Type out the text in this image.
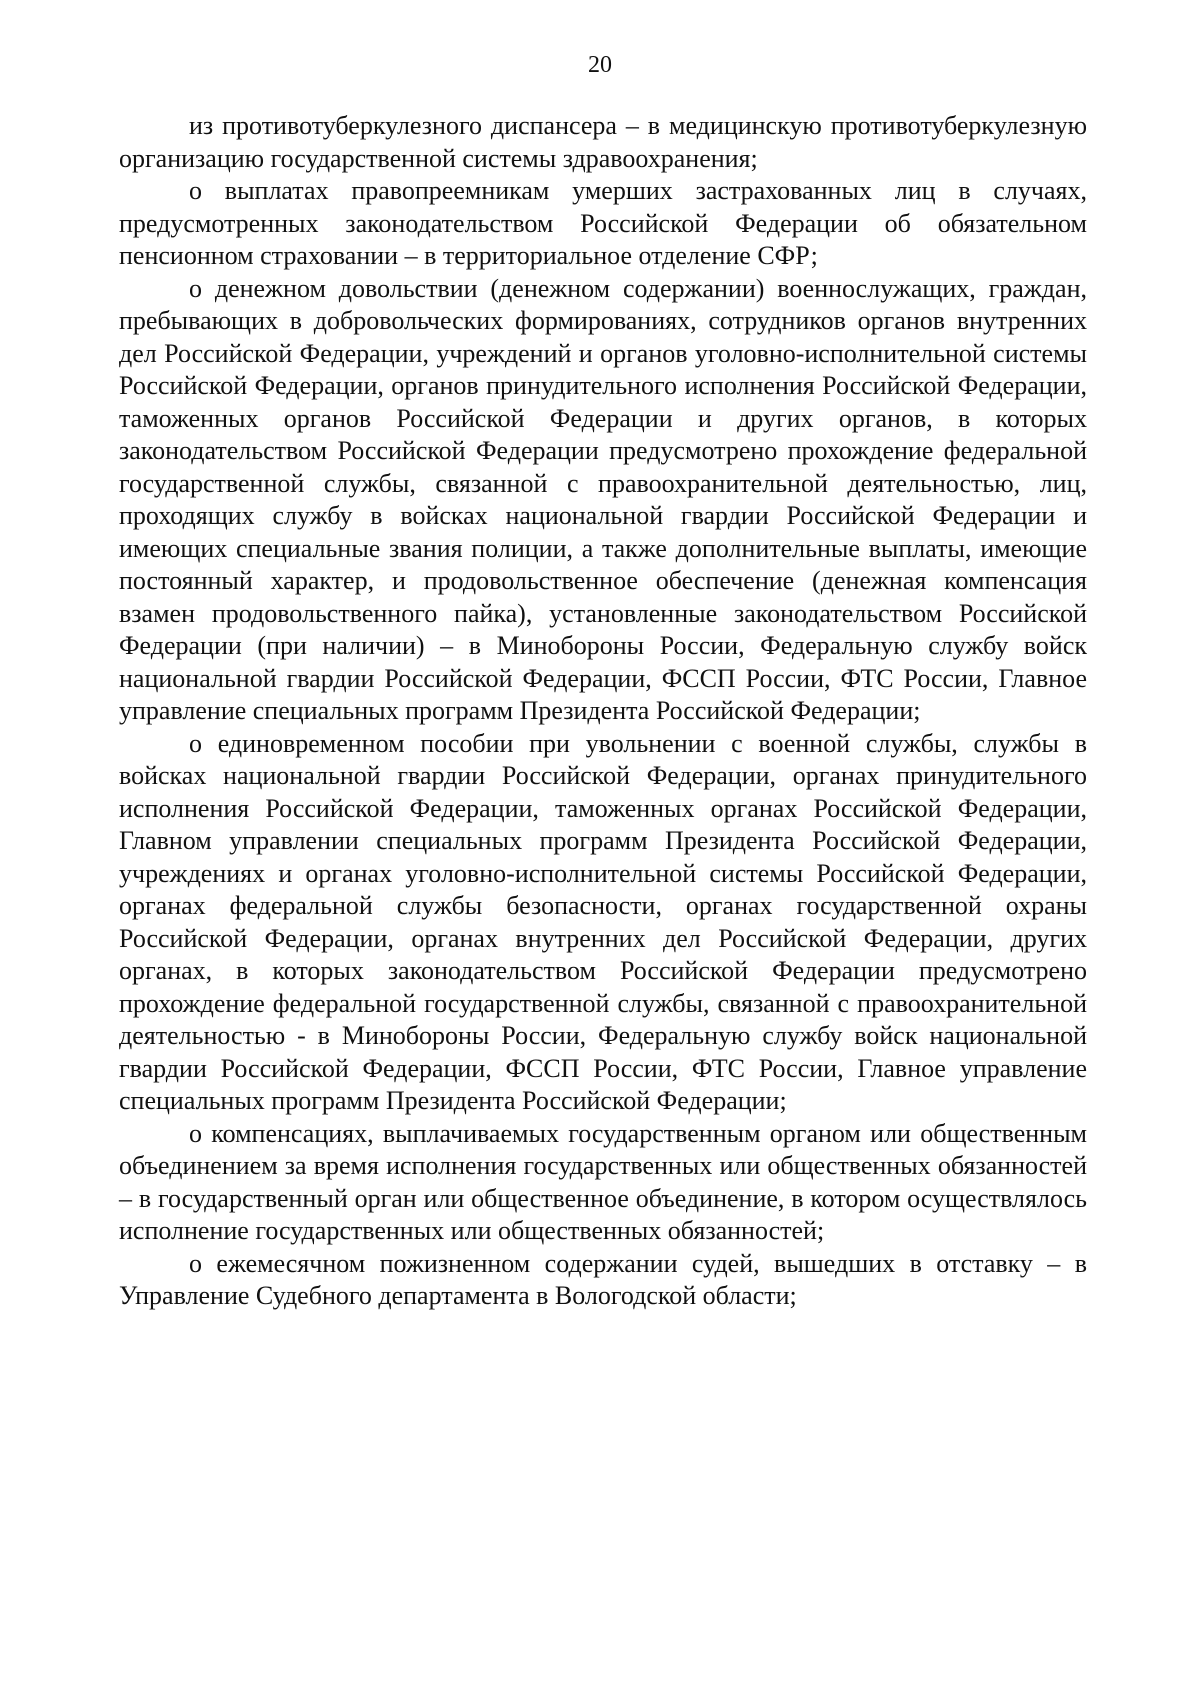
20

из противотуберкулезного диспансера – в медицинскую противотуберкулезную организацию государственной системы здравоохранения;

о выплатах правопреемникам умерших застрахованных лиц в случаях, предусмотренных законодательством Российской Федерации об обязательном пенсионном страховании – в территориальное отделение СФР;

о денежном довольствии (денежном содержании) военнослужащих, граждан, пребывающих в добровольческих формированиях, сотрудников органов внутренних дел Российской Федерации, учреждений и органов уголовно-исполнительной системы Российской Федерации, органов принудительного исполнения Российской Федерации, таможенных органов Российской Федерации и других органов, в которых законодательством Российской Федерации предусмотрено прохождение федеральной государственной службы, связанной с правоохранительной деятельностью, лиц, проходящих службу в войсках национальной гвардии Российской Федерации и имеющих специальные звания полиции, а также дополнительные выплаты, имеющие постоянный характер, и продовольственное обеспечение (денежная компенсация взамен продовольственного пайка), установленные законодательством Российской Федерации (при наличии) – в Минобороны России, Федеральную службу войск национальной гвардии Российской Федерации, ФССП России, ФТС России, Главное управление специальных программ Президента Российской Федерации;

о единовременном пособии при увольнении с военной службы, службы в войсках национальной гвардии Российской Федерации, органах принудительного исполнения Российской Федерации, таможенных органах Российской Федерации, Главном управлении специальных программ Президента Российской Федерации, учреждениях и органах уголовно-исполнительной системы Российской Федерации, органах федеральной службы безопасности, органах государственной охраны Российской Федерации, органах внутренних дел Российской Федерации, других органах, в которых законодательством Российской Федерации предусмотрено прохождение федеральной государственной службы, связанной с правоохранительной деятельностью - в Минобороны России, Федеральную службу войск национальной гвардии Российской Федерации, ФССП России, ФТС России, Главное управление специальных программ Президента Российской Федерации;

о компенсациях, выплачиваемых государственным органом или общественным объединением за время исполнения государственных или общественных обязанностей – в государственный орган или общественное объединение, в котором осуществлялось исполнение государственных или общественных обязанностей;

о ежемесячном пожизненном содержании судей, вышедших в отставку – в Управление Судебного департамента в Вологодской области;
